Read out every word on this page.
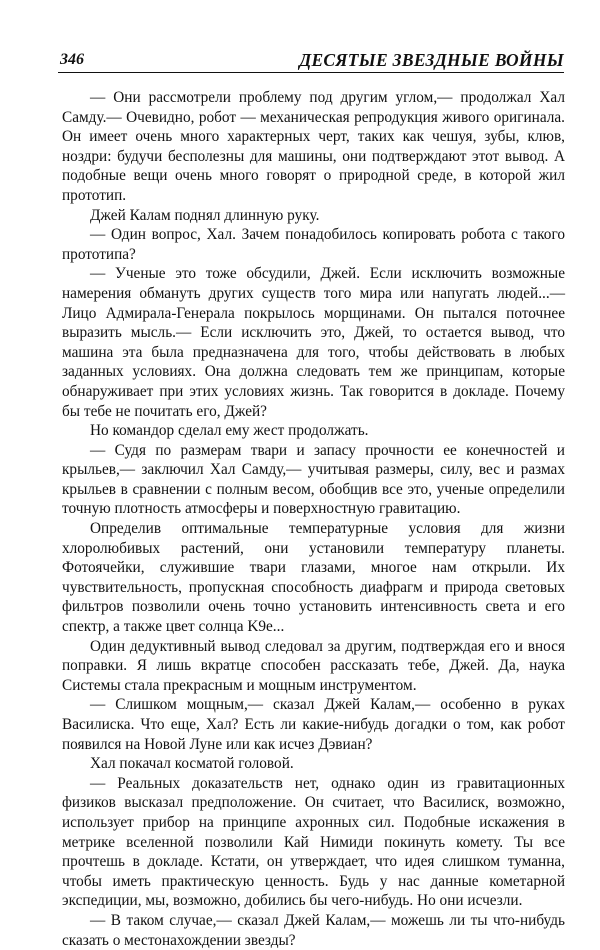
346	ДЕСЯТЫЕ ЗВЕЗДНЫЕ ВОЙНЫ

— Они рассмотрели проблему под другим углом,— продолжал Хал Самду.— Очевидно, робот — механическая репродукция живого оригинала. Он имеет очень много характерных черт, таких как чешуя, зубы, клюв, ноздри: будучи бесполезны для машины, они подтверждают этот вывод. А подобные вещи очень много говорят о природной среде, в которой жил прототип.

Джей Калам поднял длинную руку.

— Один вопрос, Хал. Зачем понадобилось копировать робота с такого прототипа?

— Ученые это тоже обсудили, Джей. Если исключить возможные намерения обмануть других существ того мира или напугать людей...— Лицо Адмирала-Генерала покрылось морщинами. Он пытался поточнее выразить мысль.— Если исключить это, Джей, то остается вывод, что машина эта была предназначена для того, чтобы действовать в любых заданных условиях. Она должна следовать тем же принципам, которые обнаруживает при этих условиях жизнь. Так говорится в докладе. Почему бы тебе не почитать его, Джей?

Но командор сделал ему жест продолжать.

— Судя по размерам твари и запасу прочности ее конечностей и крыльев,— заключил Хал Самду,— учитывая размеры, силу, вес и размах крыльев в сравнении с полным весом, обобщив все это, ученые определили точную плотность атмосферы и поверхностную гравитацию.

Определив оптимальные температурные условия для жизни хлоролюбивых растений, они установили температуру планеты. Фотоячейки, служившие твари глазами, многое нам открыли. Их чувствительность, пропускная способность диафрагм и природа световых фильтров позволили очень точно установить интенсивность света и его спектр, а также цвет солнца K9e...

Один дедуктивный вывод следовал за другим, подтверждая его и внося поправки. Я лишь вкратце способен рассказать тебе, Джей. Да, наука Системы стала прекрасным и мощным инструментом.

— Слишком мощным,— сказал Джей Калам,— особенно в руках Василиска. Что еще, Хал? Есть ли какие-нибудь догадки о том, как робот появился на Новой Луне или как исчез Дэвиан?

Хал покачал косматой головой.

— Реальных доказательств нет, однако один из гравитационных физиков высказал предположение. Он считает, что Василиск, возможно, использует прибор на принципе ахронных сил. Подобные искажения в метрике вселенной позволили Кай Нимиди покинуть комету. Ты все прочтешь в докладе. Кстати, он утверждает, что идея слишком туманна, чтобы иметь практическую ценность. Будь у нас данные кометарной экспедиции, мы, возможно, добились бы чего-нибудь. Но они исчезли.

— В таком случае,— сказал Джей Калам,— можешь ли ты что-нибудь сказать о местонахождении звезды?
